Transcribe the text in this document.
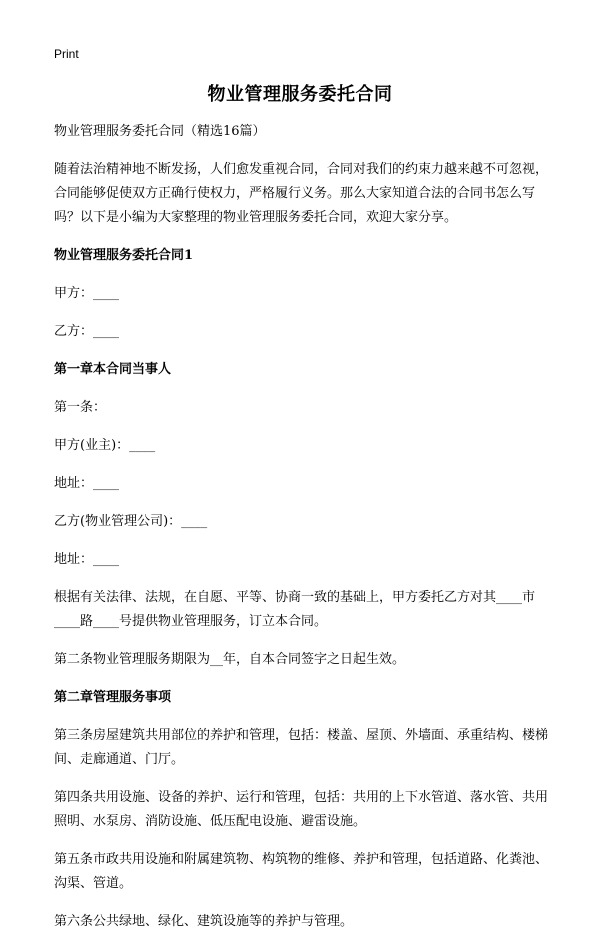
Print
物业管理服务委托合同

物业管理服务委托合同（精选16篇）

随着法治精神地不断发扬，人们愈发重视合同，合同对我们的约束力越来越不可忽视，合同能够促使双方正确行使权力，严格履行义务。那么大家知道合法的合同书怎么写吗？以下是小编为大家整理的物业管理服务委托合同，欢迎大家分享。

物业管理服务委托合同1

甲方：____

乙方：____

第一章本合同当事人

第一条：

甲方(业主)：____

地址：____

乙方(物业管理公司)：____

地址：____

根据有关法律、法规，在自愿、平等、协商一致的基础上，甲方委托乙方对其____市____路____号提供物业管理服务，订立本合同。

第二条物业管理服务期限为__年，自本合同签字之日起生效。

第二章管理服务事项

第三条房屋建筑共用部位的养护和管理，包括：楼盖、屋顶、外墙面、承重结构、楼梯间、走廊通道、门厅。

第四条共用设施、设备的养护、运行和管理，包括：共用的上下水管道、落水管、共用照明、水泵房、消防设施、低压配电设施、避雷设施。

第五条市政共用设施和附属建筑物、构筑物的维修、养护和管理，包括道路、化粪池、沟渠、管道。

第六条公共绿地、绿化、建筑设施等的养护与管理。
